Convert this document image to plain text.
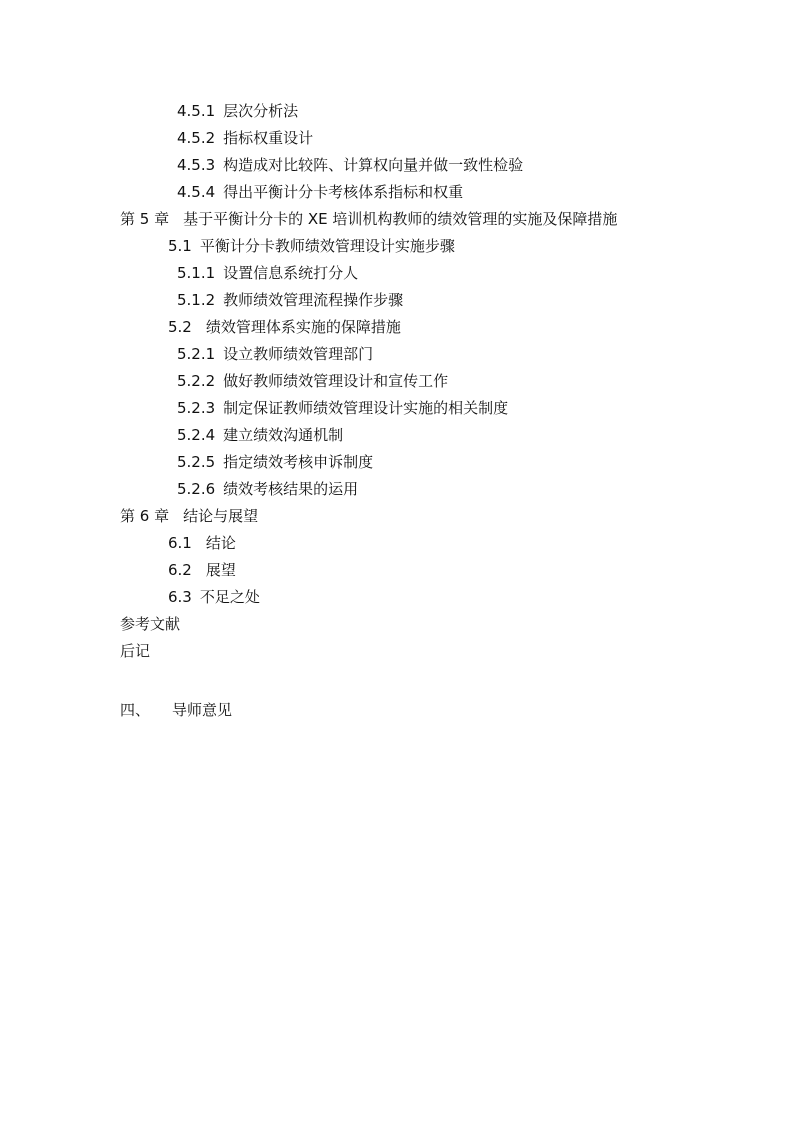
4.5.1 层次分析法
4.5.2 指标权重设计
4.5.3 构造成对比较阵、计算权向量并做一致性检验
4.5.4 得出平衡计分卡考核体系指标和权重
第 5 章 基于平衡计分卡的 XE 培训机构教师的绩效管理的实施及保障措施
5.1 平衡计分卡教师绩效管理设计实施步骤
5.1.1 设置信息系统打分人
5.1.2 教师绩效管理流程操作步骤
5.2 绩效管理体系实施的保障措施
5.2.1 设立教师绩效管理部门
5.2.2 做好教师绩效管理设计和宣传工作
5.2.3 制定保证教师绩效管理设计实施的相关制度
5.2.4 建立绩效沟通机制
5.2.5 指定绩效考核申诉制度
5.2.6 绩效考核结果的运用
第 6 章 结论与展望
6.1 结论
6.2 展望
6.3 不足之处
参考文献
后记
四、 导师意见
